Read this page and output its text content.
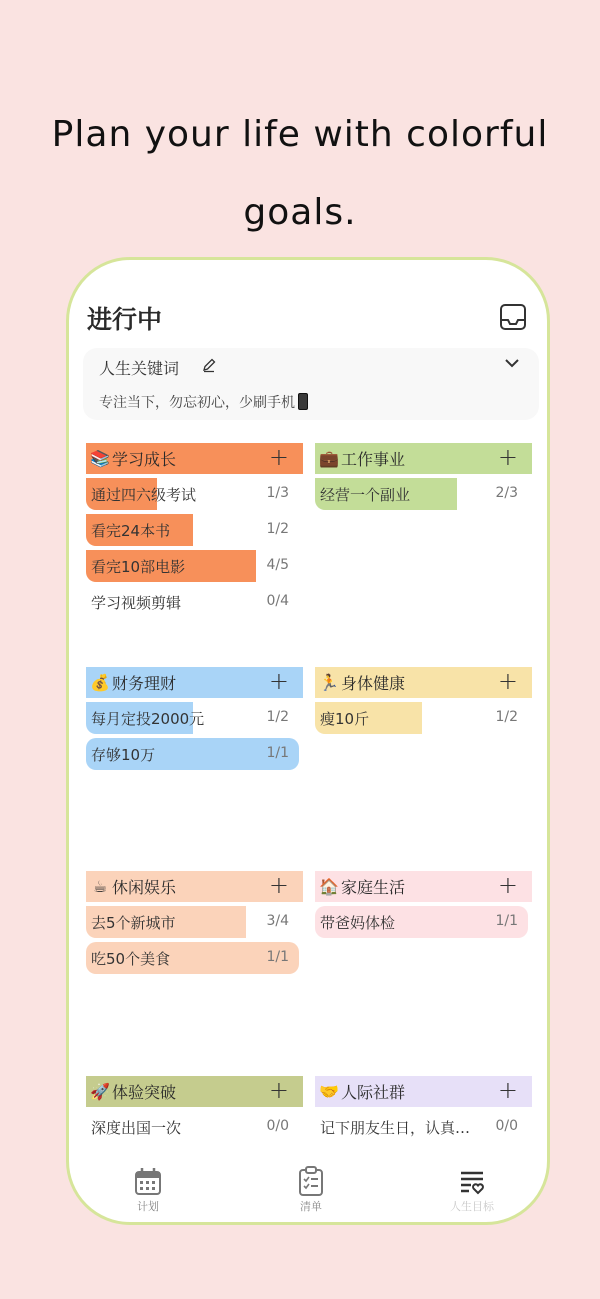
Plan your life with colorful
goals.
进行中
人生关键词
专注当下，勿忘初心，少刷手机
📚 学习成长	+
通过四六级考试	1/3
看完24本书	1/2
看完10部电影	4/5
学习视频剪辑	0/4
💼 工作事业	+
经营一个副业	2/3
💰 财务理财	+
每月定投2000元	1/2
存够10万	1/1
🏃 身体健康	+
瘦10斤	1/2
☕ 休闲娱乐	+
去5个新城市	3/4
吃50个美食	1/1
🏠 家庭生活	+
带爸妈体检	1/1
🚀 体验突破	+
深度出国一次	0/0
🤝 人际社群	+
记下朋友生日，认真… 0/0
计划	清单	人生目标
